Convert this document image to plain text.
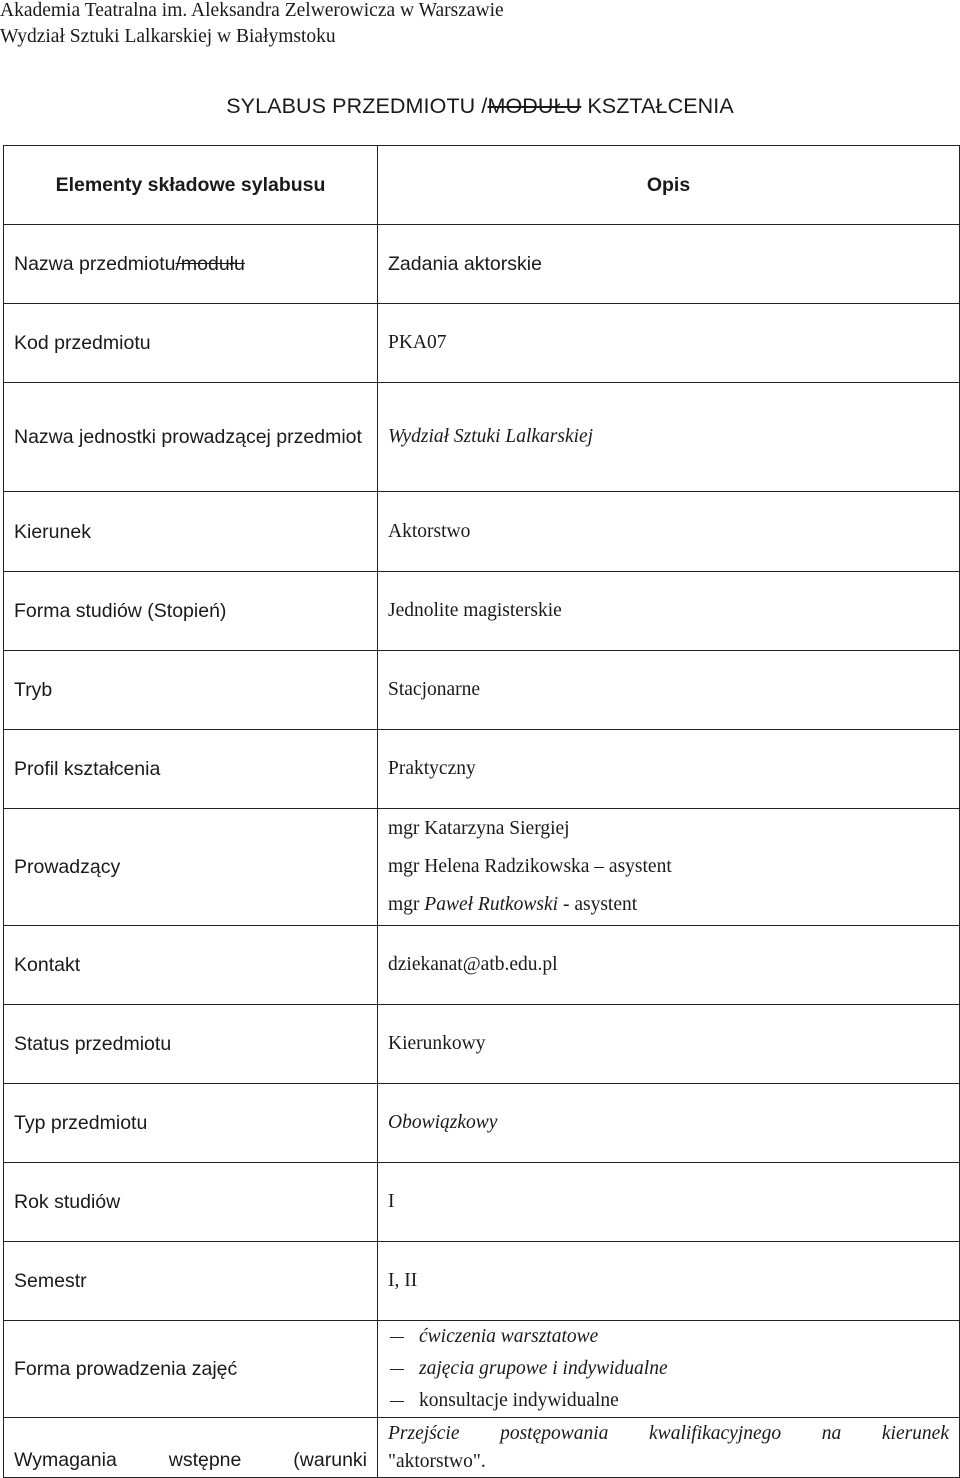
Akademia Teatralna im. Aleksandra Zelwerowicza w Warszawie
Wydział Sztuki Lalkarskiej w Białymstoku
SYLABUS PRZEDMIOTU /MODUŁU KSZTAŁCENIA
Elementy składowe sylabusu	Opis
Nazwa przedmiotu/modułu	Zadania aktorskie
Kod przedmiotu	PKA07
Nazwa jednostki prowadzącej przedmiot	Wydział Sztuki Lalkarskiej
Kierunek	Aktorstwo
Forma studiów (Stopień)	Jednolite magisterskie
Tryb	Stacjonarne
Profil kształcenia	Praktyczny
Prowadzący	mgr Katarzyna Siergiej
mgr Helena Radzikowska – asystent
mgr Paweł Rutkowski - asystent

Kontakt	dziekanat@atb.edu.pl
Status przedmiotu	Kierunkowy
Typ przedmiotu	Obowiązkowy
Rok studiów	I
Semestr	I, II
Forma prowadzenia zajęć	ćwiczenia warsztatowe
zajęcia grupowe i indywidualne
konsultacje indywidualne

Wymagania wstępne (warunki	Przejście postępowania kwalifikacyjnego na kierunek
"aktorstwo".
